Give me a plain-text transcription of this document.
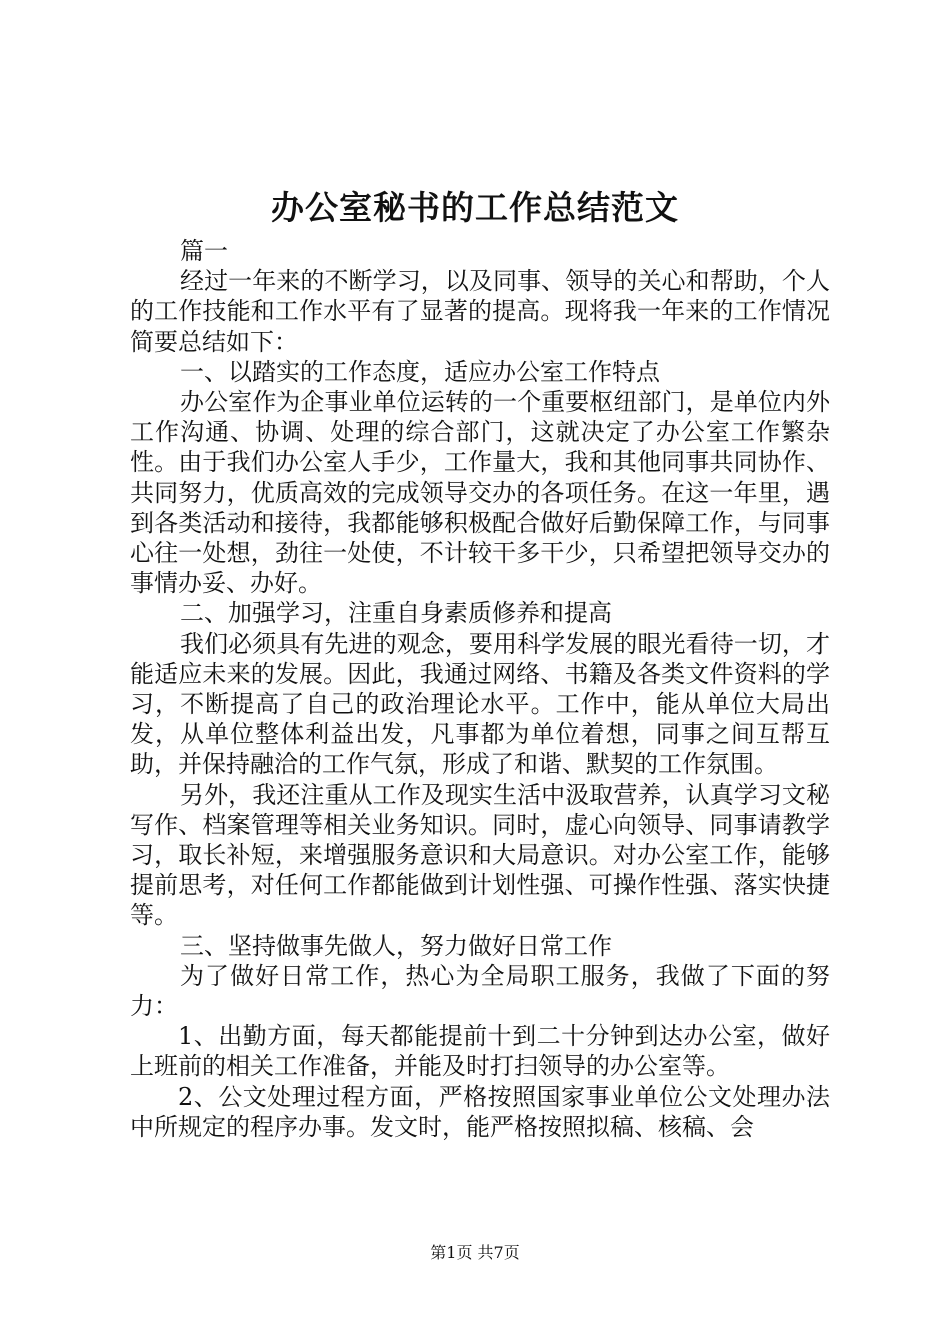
办公室秘书的工作总结范文

篇一

经过一年来的不断学习，以及同事、领导的关心和帮助，个人的工作技能和工作水平有了显著的提高。现将我一年来的工作情况简要总结如下：

一、以踏实的工作态度，适应办公室工作特点

办公室作为企事业单位运转的一个重要枢纽部门，是单位内外工作沟通、协调、处理的综合部门，这就决定了办公室工作繁杂性。由于我们办公室人手少，工作量大，我和其他同事共同协作、共同努力，优质高效的完成领导交办的各项任务。在这一年里，遇到各类活动和接待，我都能够积极配合做好后勤保障工作，与同事心往一处想，劲往一处使，不计较干多干少，只希望把领导交办的事情办妥、办好。

二、加强学习，注重自身素质修养和提高

我们必须具有先进的观念，要用科学发展的眼光看待一切，才能适应未来的发展。因此，我通过网络、书籍及各类文件资料的学习，不断提高了自己的政治理论水平。工作中，能从单位大局出发，从单位整体利益出发，凡事都为单位着想，同事之间互帮互助，并保持融洽的工作气氛，形成了和谐、默契的工作氛围。

另外，我还注重从工作及现实生活中汲取营养，认真学习文秘写作、档案管理等相关业务知识。同时，虚心向领导、同事请教学习，取长补短，来增强服务意识和大局意识。对办公室工作，能够提前思考，对任何工作都能做到计划性强、可操作性强、落实快捷等。

三、坚持做事先做人，努力做好日常工作

为了做好日常工作，热心为全局职工服务，我做了下面的努力：

1、出勤方面，每天都能提前十到二十分钟到达办公室，做好上班前的相关工作准备，并能及时打扫领导的办公室等。

2、公文处理过程方面，严格按照国家事业单位公文处理办法中所规定的程序办事。发文时，能严格按照拟稿、核稿、会

第1页 共7页
